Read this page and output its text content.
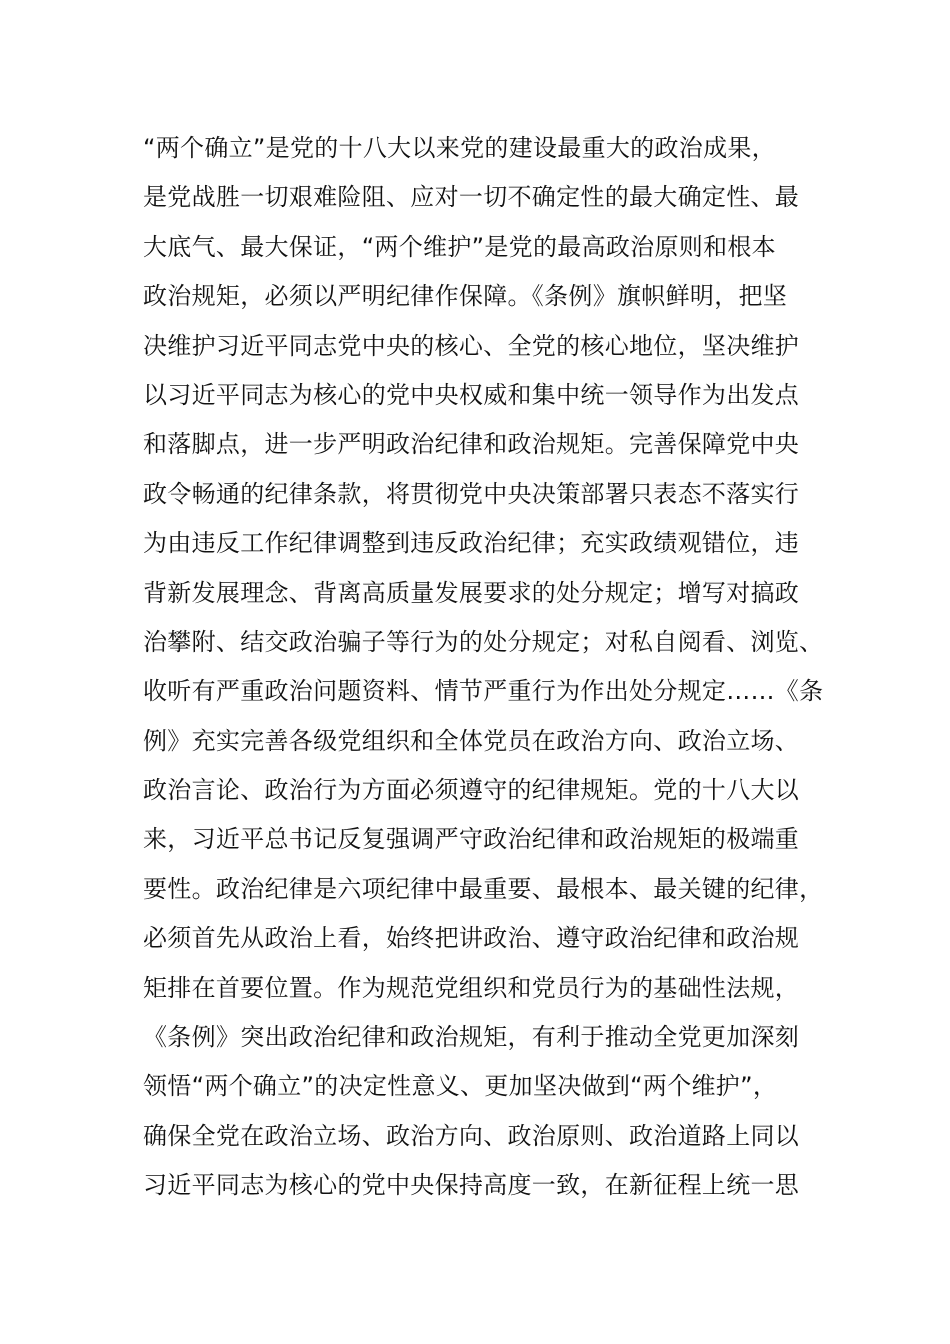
“两个确立”是党的十八大以来党的建设最重大的政治成果，
是党战胜一切艰难险阻、应对一切不确定性的最大确定性、最
大底气、最大保证，“两个维护”是党的最高政治原则和根本
政治规矩，必须以严明纪律作保障。《条例》旗帜鲜明，把坚
决维护习近平同志党中央的核心、全党的核心地位，坚决维护
以习近平同志为核心的党中央权威和集中统一领导作为出发点
和落脚点，进一步严明政治纪律和政治规矩。完善保障党中央
政令畅通的纪律条款，将贯彻党中央决策部署只表态不落实行
为由违反工作纪律调整到违反政治纪律；充实政绩观错位，违
背新发展理念、背离高质量发展要求的处分规定；增写对搞政
治攀附、结交政治骗子等行为的处分规定；对私自阅看、浏览、
收听有严重政治问题资料、情节严重行为作出处分规定……《条
例》充实完善各级党组织和全体党员在政治方向、政治立场、
政治言论、政治行为方面必须遵守的纪律规矩。党的十八大以
来，习近平总书记反复强调严守政治纪律和政治规矩的极端重
要性。政治纪律是六项纪律中最重要、最根本、最关键的纪律，
必须首先从政治上看，始终把讲政治、遵守政治纪律和政治规
矩排在首要位置。作为规范党组织和党员行为的基础性法规，
《条例》突出政治纪律和政治规矩，有利于推动全党更加深刻
领悟“两个确立”的决定性意义、更加坚决做到“两个维护”，
确保全党在政治立场、政治方向、政治原则、政治道路上同以
习近平同志为核心的党中央保持高度一致，在新征程上统一思
